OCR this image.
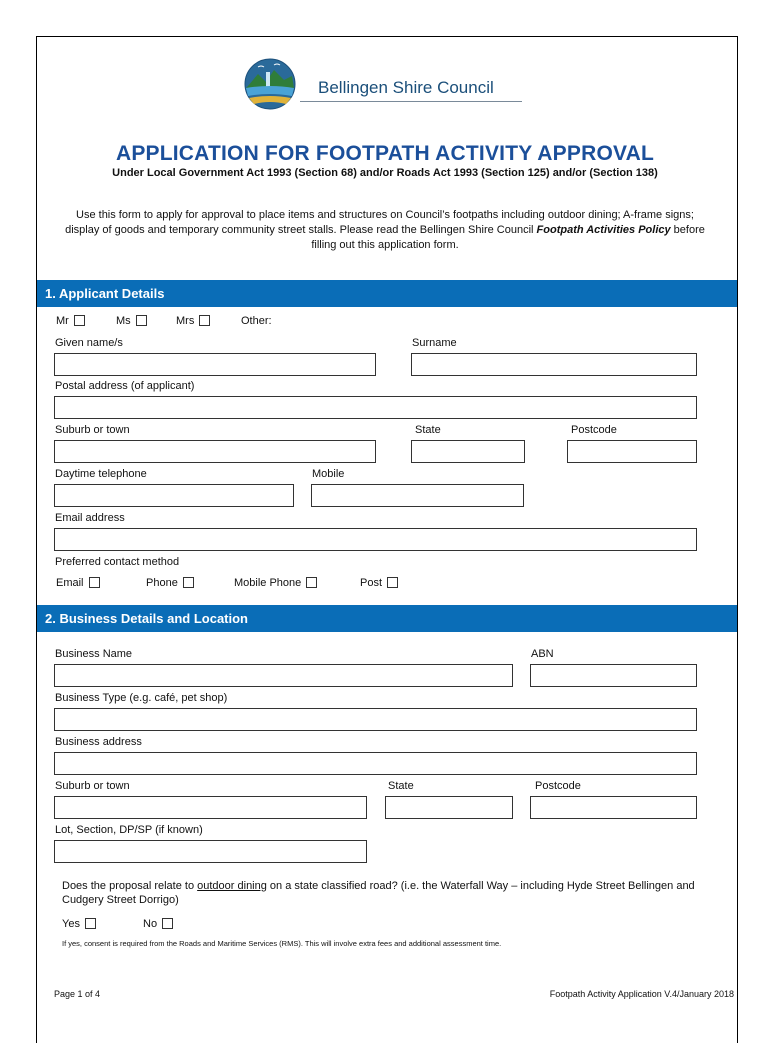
Bellingen Shire Council
APPLICATION FOR FOOTPATH ACTIVITY APPROVAL
Under Local Government Act 1993 (Section 68) and/or Roads Act 1993 (Section 125) and/or (Section 138)
Use this form to apply for approval to place items and structures on Council’s footpaths including outdoor dining; A-frame signs; display of goods and temporary community street stalls. Please read the Bellingen Shire Council Footpath Activities Policy before filling out this application form.
1. Applicant Details
Mr	Ms	Mrs	Other:
Given name/s	Surname
Postal address (of applicant)
Suburb or town	State	Postcode
Daytime telephone	Mobile
Email address
Preferred contact method
Email	Phone	Mobile Phone	Post
2. Business Details and Location
Business Name	ABN
Business Type (e.g. café, pet shop)
Business address
Suburb or town	State	Postcode
Lot, Section, DP/SP (if known)
Does the proposal relate to outdoor dining on a state classified road? (i.e. the Waterfall Way – including Hyde Street Bellingen and Cudgery Street Dorrigo)
Yes	No
If yes, consent is required from the Roads and Maritime Services (RMS). This will involve extra fees and additional assessment time.
Page 1 of 4	Footpath Activity Application V.4/January 2018
